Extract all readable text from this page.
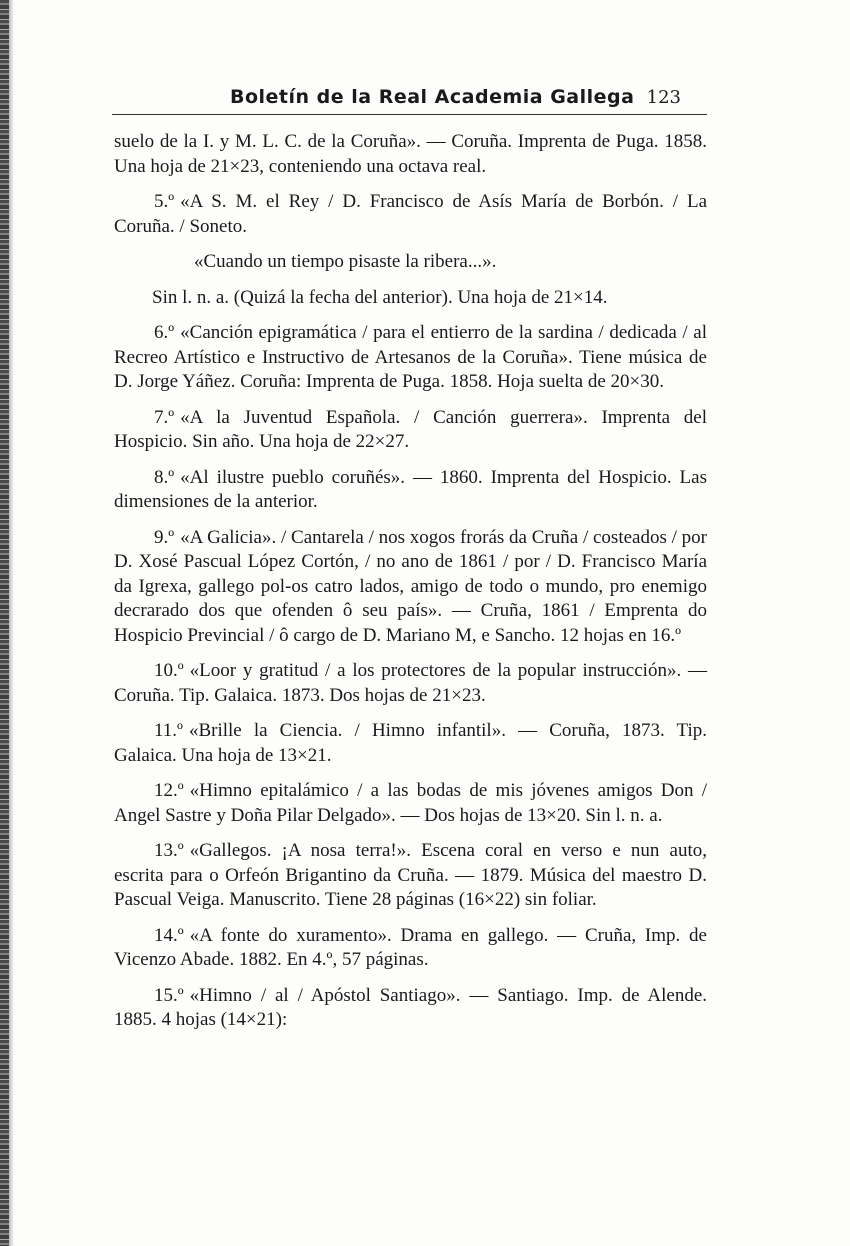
Boletín de la Real Academia Gallega 123

suelo de la I. y M. L. C. de la Coruña». — Coruña. Imprenta de Puga. 1858. Una hoja de 21×23, conteniendo una octava real.

5.º «A S. M. el Rey / D. Francisco de Asís María de Borbón. / La Coruña. / Soneto.

«Cuando un tiempo pisaste la ribera...».

Sin l. n. a. (Quizá la fecha del anterior). Una hoja de 21×14.

6.º «Canción epigramática / para el entierro de la sardina / dedicada / al Recreo Artístico e Instructivo de Artesanos de la Coruña». Tiene música de D. Jorge Yáñez. Coruña: Imprenta de Puga. 1858. Hoja suelta de 20×30.

7.º «A la Juventud Española. / Canción guerrera». Imprenta del Hospicio. Sin año. Una hoja de 22×27.

8.º «Al ilustre pueblo coruñés». — 1860. Imprenta del Hospicio. Las dimensiones de la anterior.

9.º «A Galicia». / Cantarela / nos xogos frorás da Cruña / costeados / por D. Xosé Pascual López Cortón, / no ano de 1861 / por / D. Francisco María da Igrexa, gallego pol-os catro lados, amigo de todo o mundo, pro enemigo decrarado dos que ofenden ô seu país». — Cruña, 1861 / Emprenta do Hospicio Previncial / ô cargo de D. Mariano M, e Sancho. 12 hojas en 16.º

10.º «Loor y gratitud / a los protectores de la popular instrucción». — Coruña. Tip. Galaica. 1873. Dos hojas de 21×23.

11.º «Brille la Ciencia. / Himno infantil». — Coruña, 1873. Tip. Galaica. Una hoja de 13×21.

12.º «Himno epitalámico / a las bodas de mis jóvenes amigos Don / Angel Sastre y Doña Pilar Delgado». — Dos hojas de 13×20. Sin l. n. a.

13.º «Gallegos. ¡A nosa terra!». Escena coral en verso e nun auto, escrita para o Orfeón Brigantino da Cruña. — 1879. Música del maestro D. Pascual Veiga. Manuscrito. Tiene 28 páginas (16×22) sin foliar.

14.º «A fonte do xuramento». Drama en gallego. — Cruña, Imp. de Vicenzo Abade. 1882. En 4.º, 57 páginas.

15.º «Himno / al / Apóstol Santiago». — Santiago. Imp. de Alende. 1885. 4 hojas (14×21):
